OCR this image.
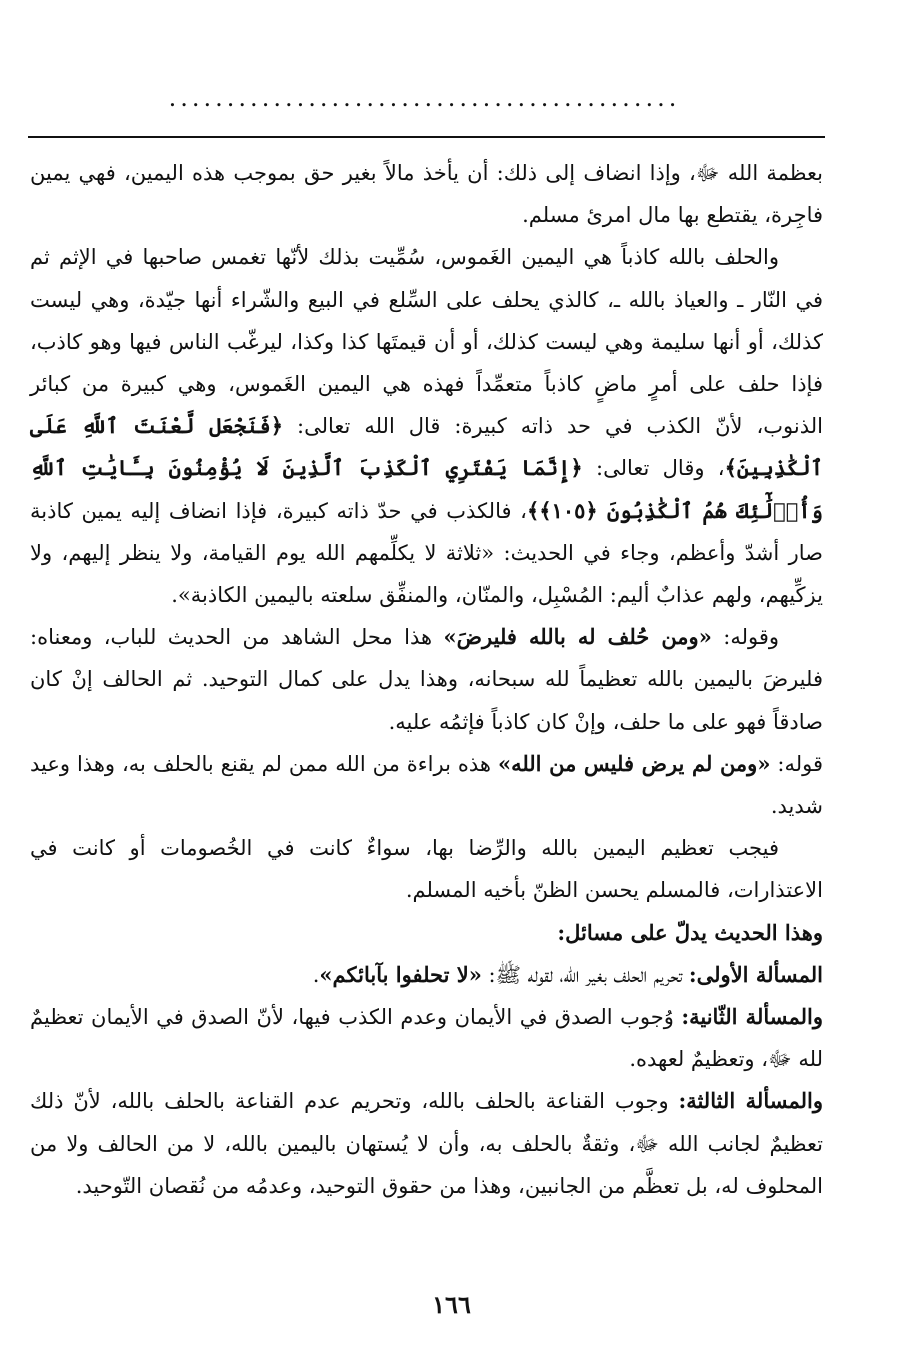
............................................

بعظمة الله ﷻ، وإذا انضاف إلى ذلك: أن يأخذ مالاً بغير حق بموجب هذه اليمين، فهي يمين فاجِرة، يقتطع بها مال امرئ مسلم.

والحلف بالله كاذباً هي اليمين الغَموس، سُمِّيت بذلك لأنّها تغمس صاحبها في الإثم ثم في النّار ـ والعياذ بالله ـ، كالذي يحلف على السِّلع في البيع والشّراء أنها جيّدة، وهي ليست كذلك، أو أنها سليمة وهي ليست كذلك، أو أن قيمتَها كذا وكذا، ليرغّب الناس فيها وهو كاذب، فإذا حلف على أمرٍ ماضٍ كاذباً متعمِّداً فهذه هي اليمين الغَموس، وهي كبيرة من كبائر الذنوب، لأنّ الكذب في حد ذاته كبيرة: قال الله تعالى: ﴿فَنَجْعَل لَّعْنَتَ ٱللَّهِ عَلَى ٱلْكَٰذِبِينَ﴾، وقال تعالى: ﴿إِنَّمَا يَفْتَرِي ٱلْكَذِبَ ٱلَّذِينَ لَا يُؤْمِنُونَ بِـَٔايَٰتِ ٱللَّهِ وَأُو۟لَٰٓئِكَ هُمُ ٱلْكَٰذِبُونَ ﴿١٠٥﴾﴾، فالكذب في حدّ ذاته كبيرة، فإذا انضاف إليه يمين كاذبة صار أشدّ وأعظم، وجاء في الحديث: «ثلاثة لا يكلِّمهم الله يوم القيامة، ولا ينظر إليهم، ولا يزكِّيهم، ولهم عذابٌ أليم: المُسْبِل، والمنّان، والمنفِّق سلعته باليمين الكاذبة».

وقوله: «ومن حُلف له بالله فليرضَ» هذا محل الشاهد من الحديث للباب، ومعناه: فليرضَ باليمين بالله تعظيماً لله سبحانه، وهذا يدل على كمال التوحيد. ثم الحالف إنْ كان صادقاً فهو على ما حلف، وإنْ كان كاذباً فإثمُه عليه.

قوله: «ومن لم يرض فليس من الله» هذه براءة من الله ممن لم يقنع بالحلف به، وهذا وعيد شديد.

فيجب تعظيم اليمين بالله والرِّضا بها، سواءٌ كانت في الخُصومات أو كانت في الاعتذارات، فالمسلم يحسن الظنّ بأخيه المسلم.

وهذا الحديث يدلّ على مسائل:

المسألة الأولى: تحريم الحلف بغير الله، لقوله ﷺ: «لا تحلفوا بآبائكم».

والمسألة الثّانية: وُجوب الصدق في الأيمان وعدم الكذب فيها، لأنّ الصدق في الأيمان تعظيمٌ لله ﷻ، وتعظيمٌ لعهده.

والمسألة الثالثة: وجوب القناعة بالحلف بالله، وتحريم عدم القناعة بالحلف بالله، لأنّ ذلك تعظيمٌ لجانب الله ﷻ، وثقةٌ بالحلف به، وأن لا يُستهان باليمين بالله، لا من الحالف ولا من المحلوف له، بل تعظَّم من الجانبين، وهذا من حقوق التوحيد، وعدمُه من نُقصان التّوحيد.

١٦٦
